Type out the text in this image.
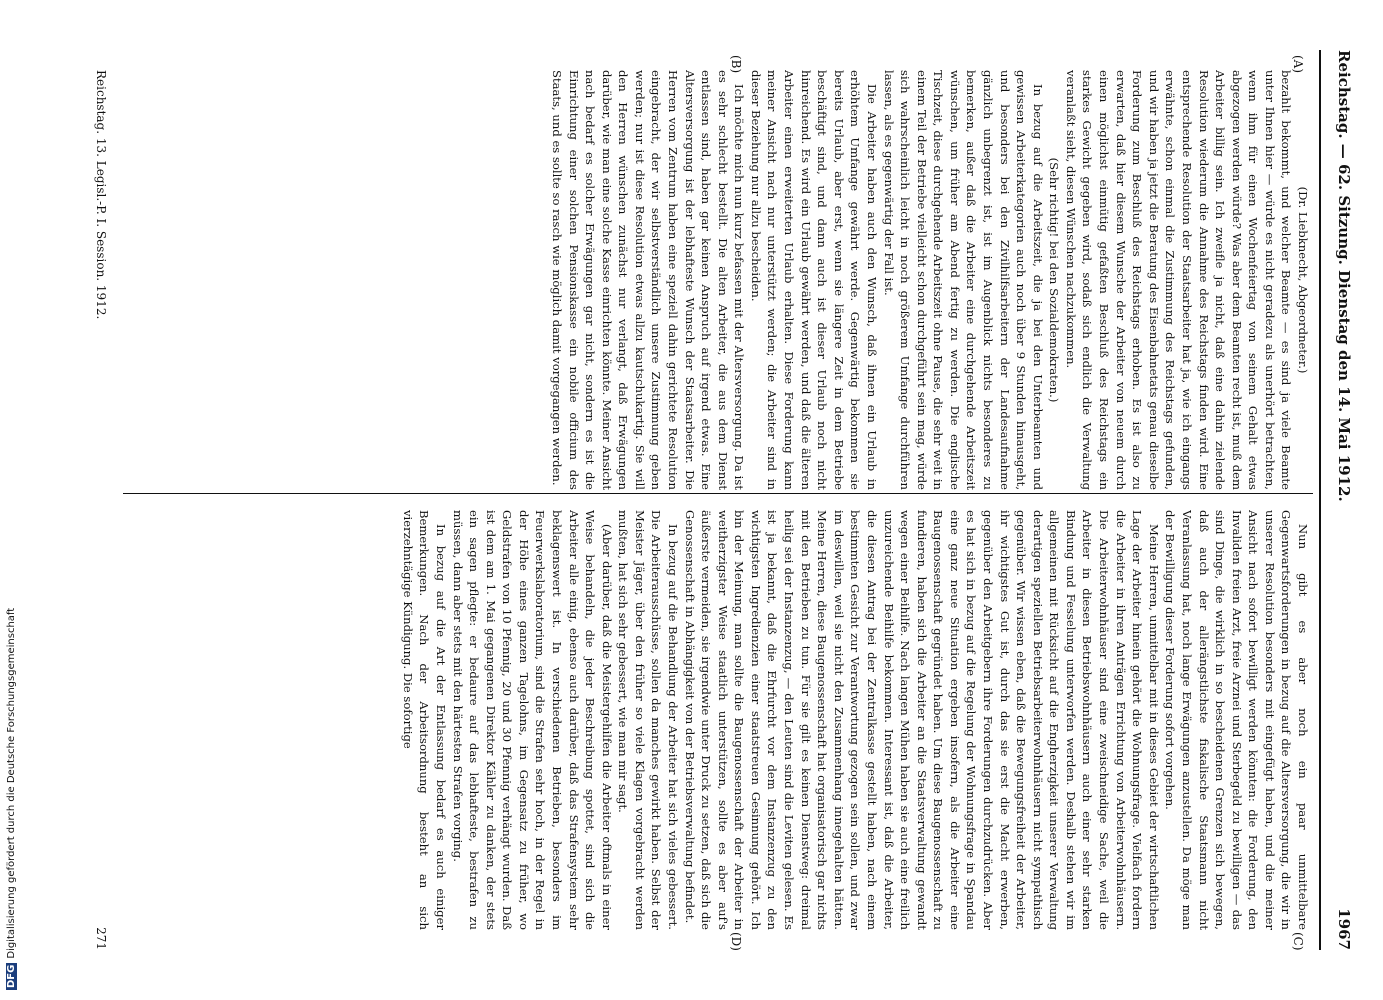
Reichstag. — 62. Sitzung. Dienstag den 14. Mai 1912.
1967
(A)
(B)
(C)
(D)

(Dr. Liebknecht, Abgeordneter.)

bezahlt bekommt, und welcher Beamte — es sind ja viele Beamte unter Ihnen hier — würde es nicht geradezu als unerhört betrachten, wenn ihm für einen Wochenfeiertag von seinem Gehalt etwas abgezogen werden würde? Was aber dem Beamten recht ist, muß dem Arbeiter billig sein. Ich zweifle ja nicht, daß eine dahin zielende Resolution wiederum die Annahme des Reichstags finden wird. Eine entsprechende Resolution der Staatsarbeiter hat ja, wie ich eingangs erwähnte, schon einmal die Zustimmung des Reichstags gefunden, und wir haben ja jetzt die Beratung des Eisenbahnetats genau dieselbe Forderung zum Beschluß des Reichstags erhoben. Es ist also zu erwarten, daß hier diesem Wunsche der Arbeiter von neuem durch einen möglichst einmütig gefaßten Beschluß des Reichstags ein starkes Gewicht gegeben wird, sodaß sich endlich die Verwaltung veranlaßt sieht, diesen Wünschen nachzukommen.

(Sehr richtig! bei den Sozialdemokraten.)

In bezug auf die Arbeitszeit, die ja bei den Unterbeamten und gewissen Arbeiterkategorien auch noch über 9 Stunden hinausgeht, und besonders bei den Zivilhilfsarbeitern der Landesaufnahme gänzlich unbegrenzt ist, ist im Augenblick nichts besonderes zu bemerken, außer daß die Arbeiter eine durchgehende Arbeitszeit wünschen, um früher am Abend fertig zu werden. Die englische Tischzeit, diese durchgehende Arbeitszeit ohne Pause, die sehr weit in einem Teil der Betriebe vielleicht schon durchgeführt sein mag, würde sich wahrscheinlich leicht in noch größerem Umfange durchführen lassen, als es gegenwärtig der Fall ist.

Die Arbeiter haben auch den Wunsch, daß ihnen ein Urlaub in erhöhtem Umfange gewährt werde. Gegenwärtig bekommen sie bereits Urlaub, aber erst, wenn sie längere Zeit in dem Betriebe beschäftigt sind, und dann auch ist dieser Urlaub noch nicht hinreichend. Es wird ein Urlaub gewährt werden, und daß die älteren Arbeiter einen erweiterten Urlaub erhalten. Diese Forderung kann meiner Ansicht nach nur unterstützt werden; die Arbeiter sind in dieser Beziehung nur allzu bescheiden.

Ich möchte mich nun kurz befassen mit der Altersversorgung. Da ist es sehr schlecht bestellt. Die alten Arbeiter, die aus dem Dienst entlassen sind, haben gar keinen Anspruch auf irgend etwas. Eine Altersversorgung ist der lebhafteste Wunsch der Staatsarbeiter. Die Herren vom Zentrum haben eine speziell dahin gerichtete Resolution eingebracht, der wir selbstverständlich unsere Zustimmung geben werden; nur ist diese Resolution etwas allzu kautschukartig. Sie will den Herren wünschen zunächst nur verlangt, daß Erwägungen darüber, wie man eine solche Kasse einrichten könnte. Meiner Ansicht nach bedarf es solcher Erwägungen gar nicht, sondern es ist die Einrichtung einer solchen Pensionskasse ein nobile officium des Staats, und es sollte so rasch wie möglich damit vorgegangen werden.

Nun gibt es aber noch ein paar unmittelbare Gegenwartsforderungen in bezug auf die Altersversorgung, die wir in unserer Resolution besonders mit eingefügt haben, und die meiner Ansicht nach sofort bewilligt werden könnten: die Forderung, den Invaliden freien Arzt, freie Arznei und Sterbegeld zu bewilligen — das sind Dinge, die wirklich in so bescheidenen Grenzen sich bewegen, daß auch der allerängstlichste fiskalische Staatsmann nicht Veranlassung hat, noch lange Erwägungen anzustellen. Da möge man der Bewilligung dieser Forderung sofort vorgehen.

Meine Herren, unmittelbar mit in dieses Gebiet der wirtschaftlichen Lage der Arbeiter hinein gehört die Wohnungsfrage. Vielfach fordern die Arbeiter in ihren Anträgen Errichtung von Arbeiterwohnhäusern. Die Arbeiterwohnhäuser sind eine zweischneidige Sache, weil die Arbeiter in diesen Betriebswohnhäusern auch einer sehr starken Bindung und Fesselung unterworfen werden. Deshalb stehen wir im allgemeinen mit Rücksicht auf die Engherzigkeit unserer Verwaltung derartigen speziellen Betriebsarbeiterwohnhäusern nicht sympathisch gegenüber. Wir wissen eben, daß die Bewegungsfreiheit der Arbeiter, ihr wichtigstes Gut ist, durch das sie erst die Macht erwerben, gegenüber den Arbeitgebern ihre Forderungen durchzudrücken. Aber es hat sich in bezug auf die Regelung der Wohnungsfrage in Spandau eine ganz neue Situation ergeben insofern, als die Arbeiter eine Baugenossenschaft gegründet haben. Um diese Baugenossenschaft zu fundieren, haben sich die Arbeiter an die Staatsverwaltung gewandt wegen einer Beihilfe. Nach langen Mühen haben sie auch eine freilich unzureichende Beihilfe bekommen. Interessant ist, daß die Arbeiter, die diesen Antrag bei der Zentralkasse gestellt haben, nach einem bestimmten Gesicht zur Verantwortung gezogen sein sollen, und zwar im deswillen, weil sie nicht den Zusammenhang innegehalten hätten. Meine Herren, diese Baugenossenschaft hat organisatorisch gar nichts mit den Betrieben zu tun. Für sie gilt es keinen Dienstweg: dreimal heilig sei der Instanzenzug, — den Leuten sind die Leviten gelesen. Es ist ja bekannt, daß die Ehrfurcht vor dem Instanzenzug zu den wichtigsten Ingredienzien einer staatstreuen Gesinnung gehört. Ich bin der Meinung, man sollte die Baugenossenschaft der Arbeiter in weitherzigster Weise staatlich unterstützen, sollte es aber auf's äußerste vermeiden, sie irgendwie unter Druck zu setzen, daß sich die Genossenschaft in Abhängigkeit von der Betriebsverwaltung befindet.

In bezug auf die Behandlung der Arbeiter hat sich vieles gebessert. Die Arbeiterausschüsse, sollen da manches gewirkt haben. Selbst der Meister Jäger, über den früher so viele Klagen vorgebracht werden mußten, hat sich sehr gebessert, wie man mir sagt.

(Aber darüber, daß die Meistergehilfen die Arbeiter oftmals in einer Weise behandeln, die jeder Beschreibung spottet, sind sich die Arbeiter alle einig, ebenso auch darüber, daß das Strafensystem sehr beklagenswert ist. In verschiedenen Betrieben, besonders im Feuerwerkslaboratorium, sind die Strafen sehr hoch, in der Regel in der Höhe eines ganzen Tagelohns, im Gegensatz zu früher, wo Geldstrafen von 10 Pfennig, 20 und 30 Pfennig verhängt wurden. Daß ist dem am 1. Mai gegangenen Direktor Kähler zu danken, der stets ein sagen pflegte: er bedaure auf das lebhafteste, bestrafen zu müssen, dann aber stets mit den härtesten Strafen vorging.

In bezug auf die Art der Entlassung bedarf es auch einiger Bemerkungen. Nach der Arbeitsordnung besteht an sich vierzehntägige Kündigung. Die sofortige

Reichstag. 13. Legisl.-P. I. Session. 1912.
271
DFGDigitalisierung gefördert durch die Deutsche Forschungsgemeinschaft
